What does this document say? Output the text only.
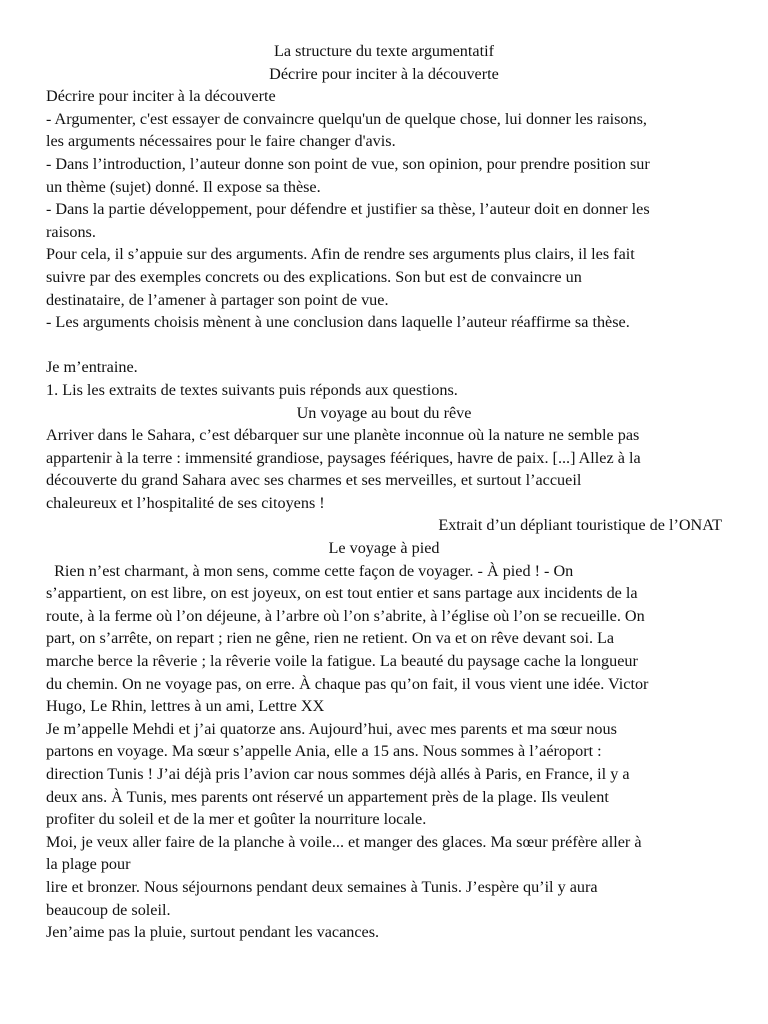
La structure du texte argumentatif
Décrire pour inciter à la découverte
Décrire pour inciter à la découverte
- Argumenter, c'est essayer de convaincre quelqu'un de quelque chose, lui donner les raisons,
les arguments nécessaires pour le faire changer d'avis.
- Dans l’introduction, l’auteur donne son point de vue, son opinion, pour prendre position sur
un thème (sujet) donné. Il expose sa thèse.
- Dans la partie développement, pour défendre et justifier sa thèse, l’auteur doit en donner les
raisons.
Pour cela, il s’appuie sur des arguments. Afin de rendre ses arguments plus clairs, il les fait
suivre par des exemples concrets ou des explications. Son but est de convaincre un
destinataire, de l’amener à partager son point de vue.
- Les arguments choisis mènent à une conclusion dans laquelle l’auteur réaffirme sa thèse.
Je m’entraine.
1. Lis les extraits de textes suivants puis réponds aux questions.
Un voyage au bout du rêve
Arriver dans le Sahara, c’est débarquer sur une planète inconnue où la nature ne semble pas
appartenir à la terre : immensité grandiose, paysages féériques, havre de paix. [...] Allez à la
découverte du grand Sahara avec ses charmes et ses merveilles, et surtout l’accueil
chaleureux et l’hospitalité de ses citoyens !
Extrait d’un dépliant touristique de l’ONAT
Le voyage à pied
Rien n’est charmant, à mon sens, comme cette façon de voyager. - À pied ! - On
s’appartient, on est libre, on est joyeux, on est tout entier et sans partage aux incidents de la
route, à la ferme où l’on déjeune, à l’arbre où l’on s’abrite, à l’église où l’on se recueille. On
part, on s’arrête, on repart ; rien ne gêne, rien ne retient. On va et on rêve devant soi. La
marche berce la rêverie ; la rêverie voile la fatigue. La beauté du paysage cache la longueur
du chemin. On ne voyage pas, on erre. À chaque pas qu’on fait, il vous vient une idée. Victor
Hugo, Le Rhin, lettres à un ami, Lettre XX
Je m’appelle Mehdi et j’ai quatorze ans. Aujourd’hui, avec mes parents et ma sœur nous
partons en voyage. Ma sœur s’appelle Ania, elle a 15 ans. Nous sommes à l’aéroport :
direction Tunis ! J’ai déjà pris l’avion car nous sommes déjà allés à Paris, en France, il y a
deux ans. À Tunis, mes parents ont réservé un appartement près de la plage. Ils veulent
profiter du soleil et de la mer et goûter la nourriture locale.
Moi, je veux aller faire de la planche à voile... et manger des glaces. Ma sœur préfère aller à
la plage pour
lire et bronzer. Nous séjournons pendant deux semaines à Tunis. J’espère qu’il y aura
beaucoup de soleil.
Jen’aime pas la pluie, surtout pendant les vacances.
